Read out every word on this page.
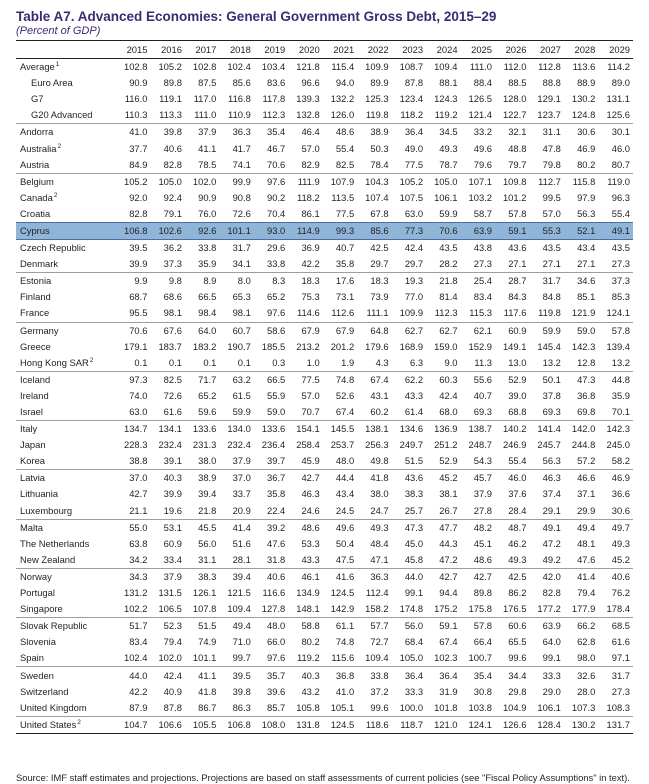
Table A7. Advanced Economies: General Government Gross Debt, 2015–29
(Percent of GDP)
	2015	2016	2017	2018	2019	2020	2021	2022	2023	2024	2025	2026	2027	2028	2029
Average$^1$	102.8	105.2	102.8	102.4	103.4	121.8	115.4	109.9	108.7	109.4	111.0	112.0	112.8	113.6	114.2
Euro Area	90.9	89.8	87.5	85.6	83.6	96.6	94.0	89.9	87.8	88.1	88.4	88.5	88.8	88.9	89.0
G7	116.0	119.1	117.0	116.8	117.8	139.3	132.2	125.3	123.4	124.3	126.5	128.0	129.1	130.2	131.1
G20 Advanced	110.3	113.3	111.0	110.9	112.3	132.8	126.0	119.8	118.2	119.2	121.4	122.7	123.7	124.8	125.6
Andorra	41.0	39.8	37.9	36.3	35.4	46.4	48.6	38.9	36.4	34.5	33.2	32.1	31.1	30.6	30.1
Australia$^2$	37.7	40.6	41.1	41.7	46.7	57.0	55.4	50.3	49.0	49.3	49.6	48.8	47.8	46.9	46.0
Austria	84.9	82.8	78.5	74.1	70.6	82.9	82.5	78.4	77.5	78.7	79.6	79.7	79.8	80.2	80.7
Belgium	105.2	105.0	102.0	99.9	97.6	111.9	107.9	104.3	105.2	105.0	107.1	109.8	112.7	115.8	119.0
Canada$^2$	92.0	92.4	90.9	90.8	90.2	118.2	113.5	107.4	107.5	106.1	103.2	101.2	99.5	97.9	96.3
Croatia	82.8	79.1	76.0	72.6	70.4	86.1	77.5	67.8	63.0	59.9	58.7	57.8	57.0	56.3	55.4
Cyprus	106.8	102.6	92.6	101.1	93.0	114.9	99.3	85.6	77.3	70.6	63.9	59.1	55.3	52.1	49.1
Czech Republic	39.5	36.2	33.8	31.7	29.6	36.9	40.7	42.5	42.4	43.5	43.8	43.6	43.5	43.4	43.5
Denmark	39.9	37.3	35.9	34.1	33.8	42.2	35.8	29.7	29.7	28.2	27.3	27.1	27.1	27.1	27.3
Estonia	9.9	9.8	8.9	8.0	8.3	18.3	17.6	18.3	19.3	21.8	25.4	28.7	31.7	34.6	37.3
Finland	68.7	68.6	66.5	65.3	65.2	75.3	73.1	73.9	77.0	81.4	83.4	84.3	84.8	85.1	85.3
France	95.5	98.1	98.4	98.1	97.6	114.6	112.6	111.1	109.9	112.3	115.3	117.6	119.8	121.9	124.1
Germany	70.6	67.6	64.0	60.7	58.6	67.9	67.9	64.8	62.7	62.7	62.1	60.9	59.9	59.0	57.8
Greece	179.1	183.7	183.2	190.7	185.5	213.2	201.2	179.6	168.9	159.0	152.9	149.1	145.4	142.3	139.4
Hong Kong SAR$^2$	0.1	0.1	0.1	0.1	0.3	1.0	1.9	4.3	6.3	9.0	11.3	13.0	13.2	12.8	13.2
Iceland	97.3	82.5	71.7	63.2	66.5	77.5	74.8	67.4	62.2	60.3	55.6	52.9	50.1	47.3	44.8
Ireland	74.0	72.6	65.2	61.5	55.9	57.0	52.6	43.1	43.3	42.4	40.7	39.0	37.8	36.8	35.9
Israel	63.0	61.6	59.6	59.9	59.0	70.7	67.4	60.2	61.4	68.0	69.3	68.8	69.3	69.8	70.1
Italy	134.7	134.1	133.6	134.0	133.6	154.1	145.5	138.1	134.6	136.9	138.7	140.2	141.4	142.0	142.3
Japan	228.3	232.4	231.3	232.4	236.4	258.4	253.7	256.3	249.7	251.2	248.7	246.9	245.7	244.8	245.0
Korea	38.8	39.1	38.0	37.9	39.7	45.9	48.0	49.8	51.5	52.9	54.3	55.4	56.3	57.2	58.2
Latvia	37.0	40.3	38.9	37.0	36.7	42.7	44.4	41.8	43.6	45.2	45.7	46.0	46.3	46.6	46.9
Lithuania	42.7	39.9	39.4	33.7	35.8	46.3	43.4	38.0	38.3	38.1	37.9	37.6	37.4	37.1	36.6
Luxembourg	21.1	19.6	21.8	20.9	22.4	24.6	24.5	24.7	25.7	26.7	27.8	28.4	29.1	29.9	30.6
Malta	55.0	53.1	45.5	41.4	39.2	48.6	49.6	49.3	47.3	47.7	48.2	48.7	49.1	49.4	49.7
The Netherlands	63.8	60.9	56.0	51.6	47.6	53.3	50.4	48.4	45.0	44.3	45.1	46.2	47.2	48.1	49.3
New Zealand	34.2	33.4	31.1	28.1	31.8	43.3	47.5	47.1	45.8	47.2	48.6	49.3	49.2	47.6	45.2
Norway	34.3	37.9	38.3	39.4	40.6	46.1	41.6	36.3	44.0	42.7	42.7	42.5	42.0	41.4	40.6
Portugal	131.2	131.5	126.1	121.5	116.6	134.9	124.5	112.4	99.1	94.4	89.8	86.2	82.8	79.4	76.2
Singapore	102.2	106.5	107.8	109.4	127.8	148.1	142.9	158.2	174.8	175.2	175.8	176.5	177.2	177.9	178.4
Slovak Republic	51.7	52.3	51.5	49.4	48.0	58.8	61.1	57.7	56.0	59.1	57.8	60.6	63.9	66.2	68.5
Slovenia	83.4	79.4	74.9	71.0	66.0	80.2	74.8	72.7	68.4	67.4	66.4	65.5	64.0	62.8	61.6
Spain	102.4	102.0	101.1	99.7	97.6	119.2	115.6	109.4	105.0	102.3	100.7	99.6	99.1	98.0	97.1
Sweden	44.0	42.4	41.1	39.5	35.7	40.3	36.8	33.8	36.4	36.4	35.4	34.4	33.3	32.6	31.7
Switzerland	42.2	40.9	41.8	39.8	39.6	43.2	41.0	37.2	33.3	31.9	30.8	29.8	29.0	28.0	27.3
United Kingdom	87.9	87.8	86.7	86.3	85.7	105.8	105.1	99.6	100.0	101.8	103.8	104.9	106.1	107.3	108.3
United States$^2$	104.7	106.6	105.5	106.8	108.0	131.8	124.5	118.6	118.7	121.0	124.1	126.6	128.4	130.2	131.7
Source: IMF staff estimates and projections. Projections are based on staff assessments of current policies (see "Fiscal Policy Assumptions" in text).
